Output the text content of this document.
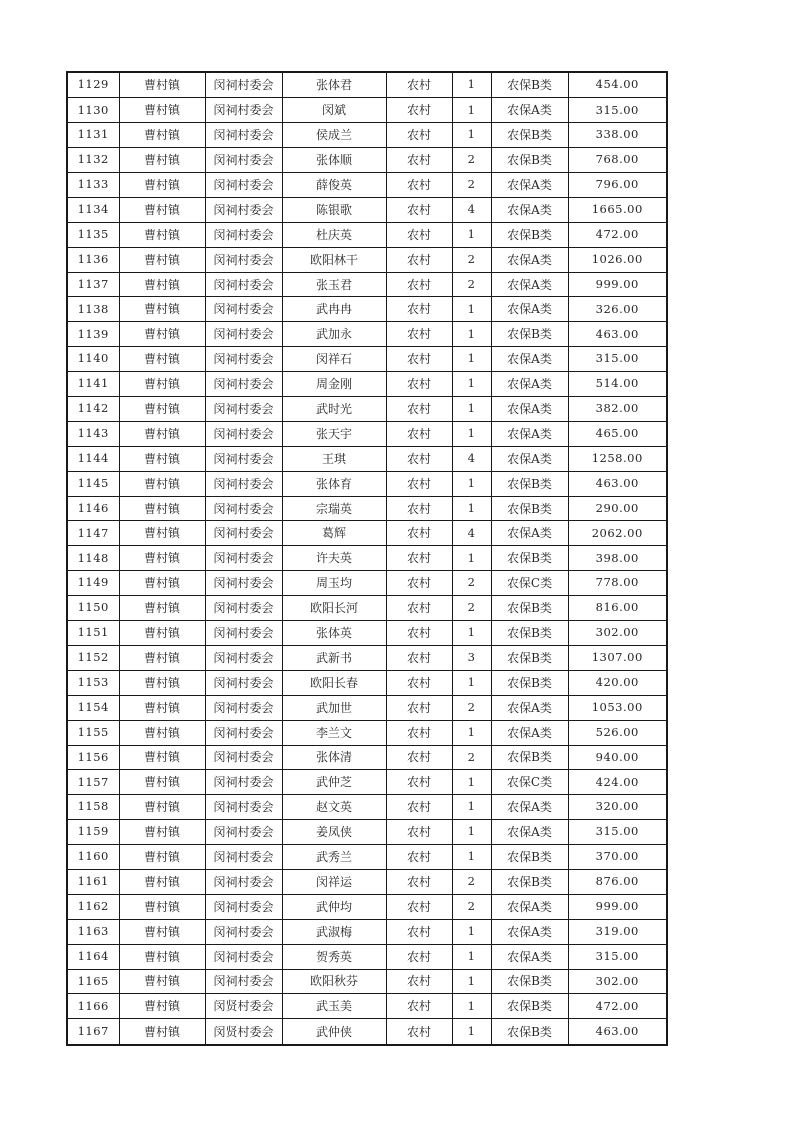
1129	曹村镇	闵祠村委会	张体君	农村	1	农保B类	454.00
1130	曹村镇	闵祠村委会	闵斌	农村	1	农保A类	315.00
1131	曹村镇	闵祠村委会	侯成兰	农村	1	农保B类	338.00
1132	曹村镇	闵祠村委会	张体顺	农村	2	农保B类	768.00
1133	曹村镇	闵祠村委会	薛俊英	农村	2	农保A类	796.00
1134	曹村镇	闵祠村委会	陈银歌	农村	4	农保A类	1665.00
1135	曹村镇	闵祠村委会	杜庆英	农村	1	农保B类	472.00
1136	曹村镇	闵祠村委会	欧阳林干	农村	2	农保A类	1026.00
1137	曹村镇	闵祠村委会	张玉君	农村	2	农保A类	999.00
1138	曹村镇	闵祠村委会	武冉冉	农村	1	农保A类	326.00
1139	曹村镇	闵祠村委会	武加永	农村	1	农保B类	463.00
1140	曹村镇	闵祠村委会	闵祥石	农村	1	农保A类	315.00
1141	曹村镇	闵祠村委会	周金刚	农村	1	农保A类	514.00
1142	曹村镇	闵祠村委会	武时光	农村	1	农保A类	382.00
1143	曹村镇	闵祠村委会	张天宇	农村	1	农保A类	465.00
1144	曹村镇	闵祠村委会	王琪	农村	4	农保A类	1258.00
1145	曹村镇	闵祠村委会	张体育	农村	1	农保B类	463.00
1146	曹村镇	闵祠村委会	宗瑞英	农村	1	农保B类	290.00
1147	曹村镇	闵祠村委会	葛辉	农村	4	农保A类	2062.00
1148	曹村镇	闵祠村委会	许夫英	农村	1	农保B类	398.00
1149	曹村镇	闵祠村委会	周玉均	农村	2	农保C类	778.00
1150	曹村镇	闵祠村委会	欧阳长河	农村	2	农保B类	816.00
1151	曹村镇	闵祠村委会	张体英	农村	1	农保B类	302.00
1152	曹村镇	闵祠村委会	武新书	农村	3	农保B类	1307.00
1153	曹村镇	闵祠村委会	欧阳长春	农村	1	农保B类	420.00
1154	曹村镇	闵祠村委会	武加世	农村	2	农保A类	1053.00
1155	曹村镇	闵祠村委会	李兰文	农村	1	农保A类	526.00
1156	曹村镇	闵祠村委会	张体清	农村	2	农保B类	940.00
1157	曹村镇	闵祠村委会	武仲芝	农村	1	农保C类	424.00
1158	曹村镇	闵祠村委会	赵文英	农村	1	农保A类	320.00
1159	曹村镇	闵祠村委会	姜凤侠	农村	1	农保A类	315.00
1160	曹村镇	闵祠村委会	武秀兰	农村	1	农保B类	370.00
1161	曹村镇	闵祠村委会	闵祥运	农村	2	农保B类	876.00
1162	曹村镇	闵祠村委会	武仲均	农村	2	农保A类	999.00
1163	曹村镇	闵祠村委会	武淑梅	农村	1	农保A类	319.00
1164	曹村镇	闵祠村委会	贺秀英	农村	1	农保A类	315.00
1165	曹村镇	闵祠村委会	欧阳秋芬	农村	1	农保B类	302.00
1166	曹村镇	闵贤村委会	武玉美	农村	1	农保B类	472.00
1167	曹村镇	闵贤村委会	武仲侠	农村	1	农保B类	463.00
